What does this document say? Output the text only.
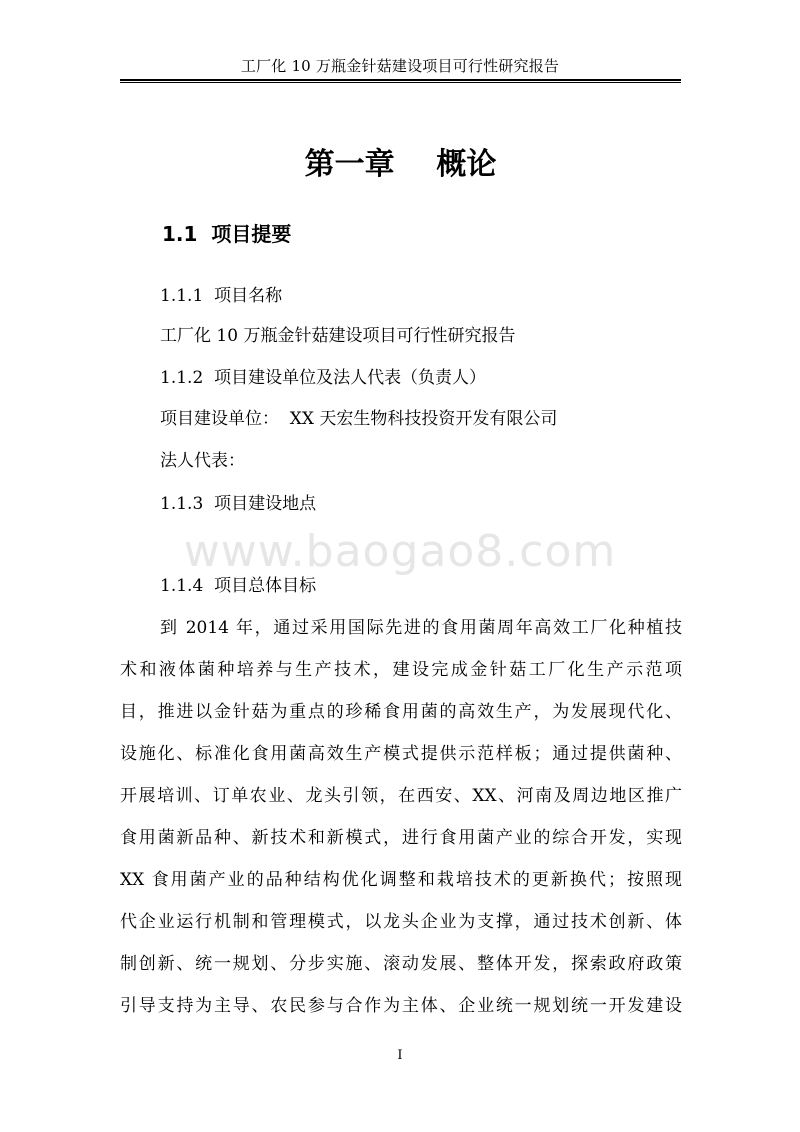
工厂化 10 万瓶金针菇建设项目可行性研究报告
第一章    概论
1.1  项目提要
1.1.1  项目名称
工厂化 10 万瓶金针菇建设项目可行性研究报告
1.1.2  项目建设单位及法人代表（负责人）
项目建设单位：  XX 天宏生物科技投资开发有限公司
法人代表：
1.1.3  项目建设地点
www.baogao8.com
1.1.4  项目总体目标
到 2014 年，通过采用国际先进的食用菌周年高效工厂化种植技
术和液体菌种培养与生产技术，建设完成金针菇工厂化生产示范项
目，推进以金针菇为重点的珍稀食用菌的高效生产，为发展现代化、
设施化、标准化食用菌高效生产模式提供示范样板；通过提供菌种、
开展培训、订单农业、龙头引领，在西安、XX、河南及周边地区推广
食用菌新品种、新技术和新模式，进行食用菌产业的综合开发，实现
XX 食用菌产业的品种结构优化调整和栽培技术的更新换代；按照现
代企业运行机制和管理模式，以龙头企业为支撑，通过技术创新、体
制创新、统一规划、分步实施、滚动发展、整体开发，探索政府政策
引导支持为主导、农民参与合作为主体、企业统一规划统一开发建设
I
